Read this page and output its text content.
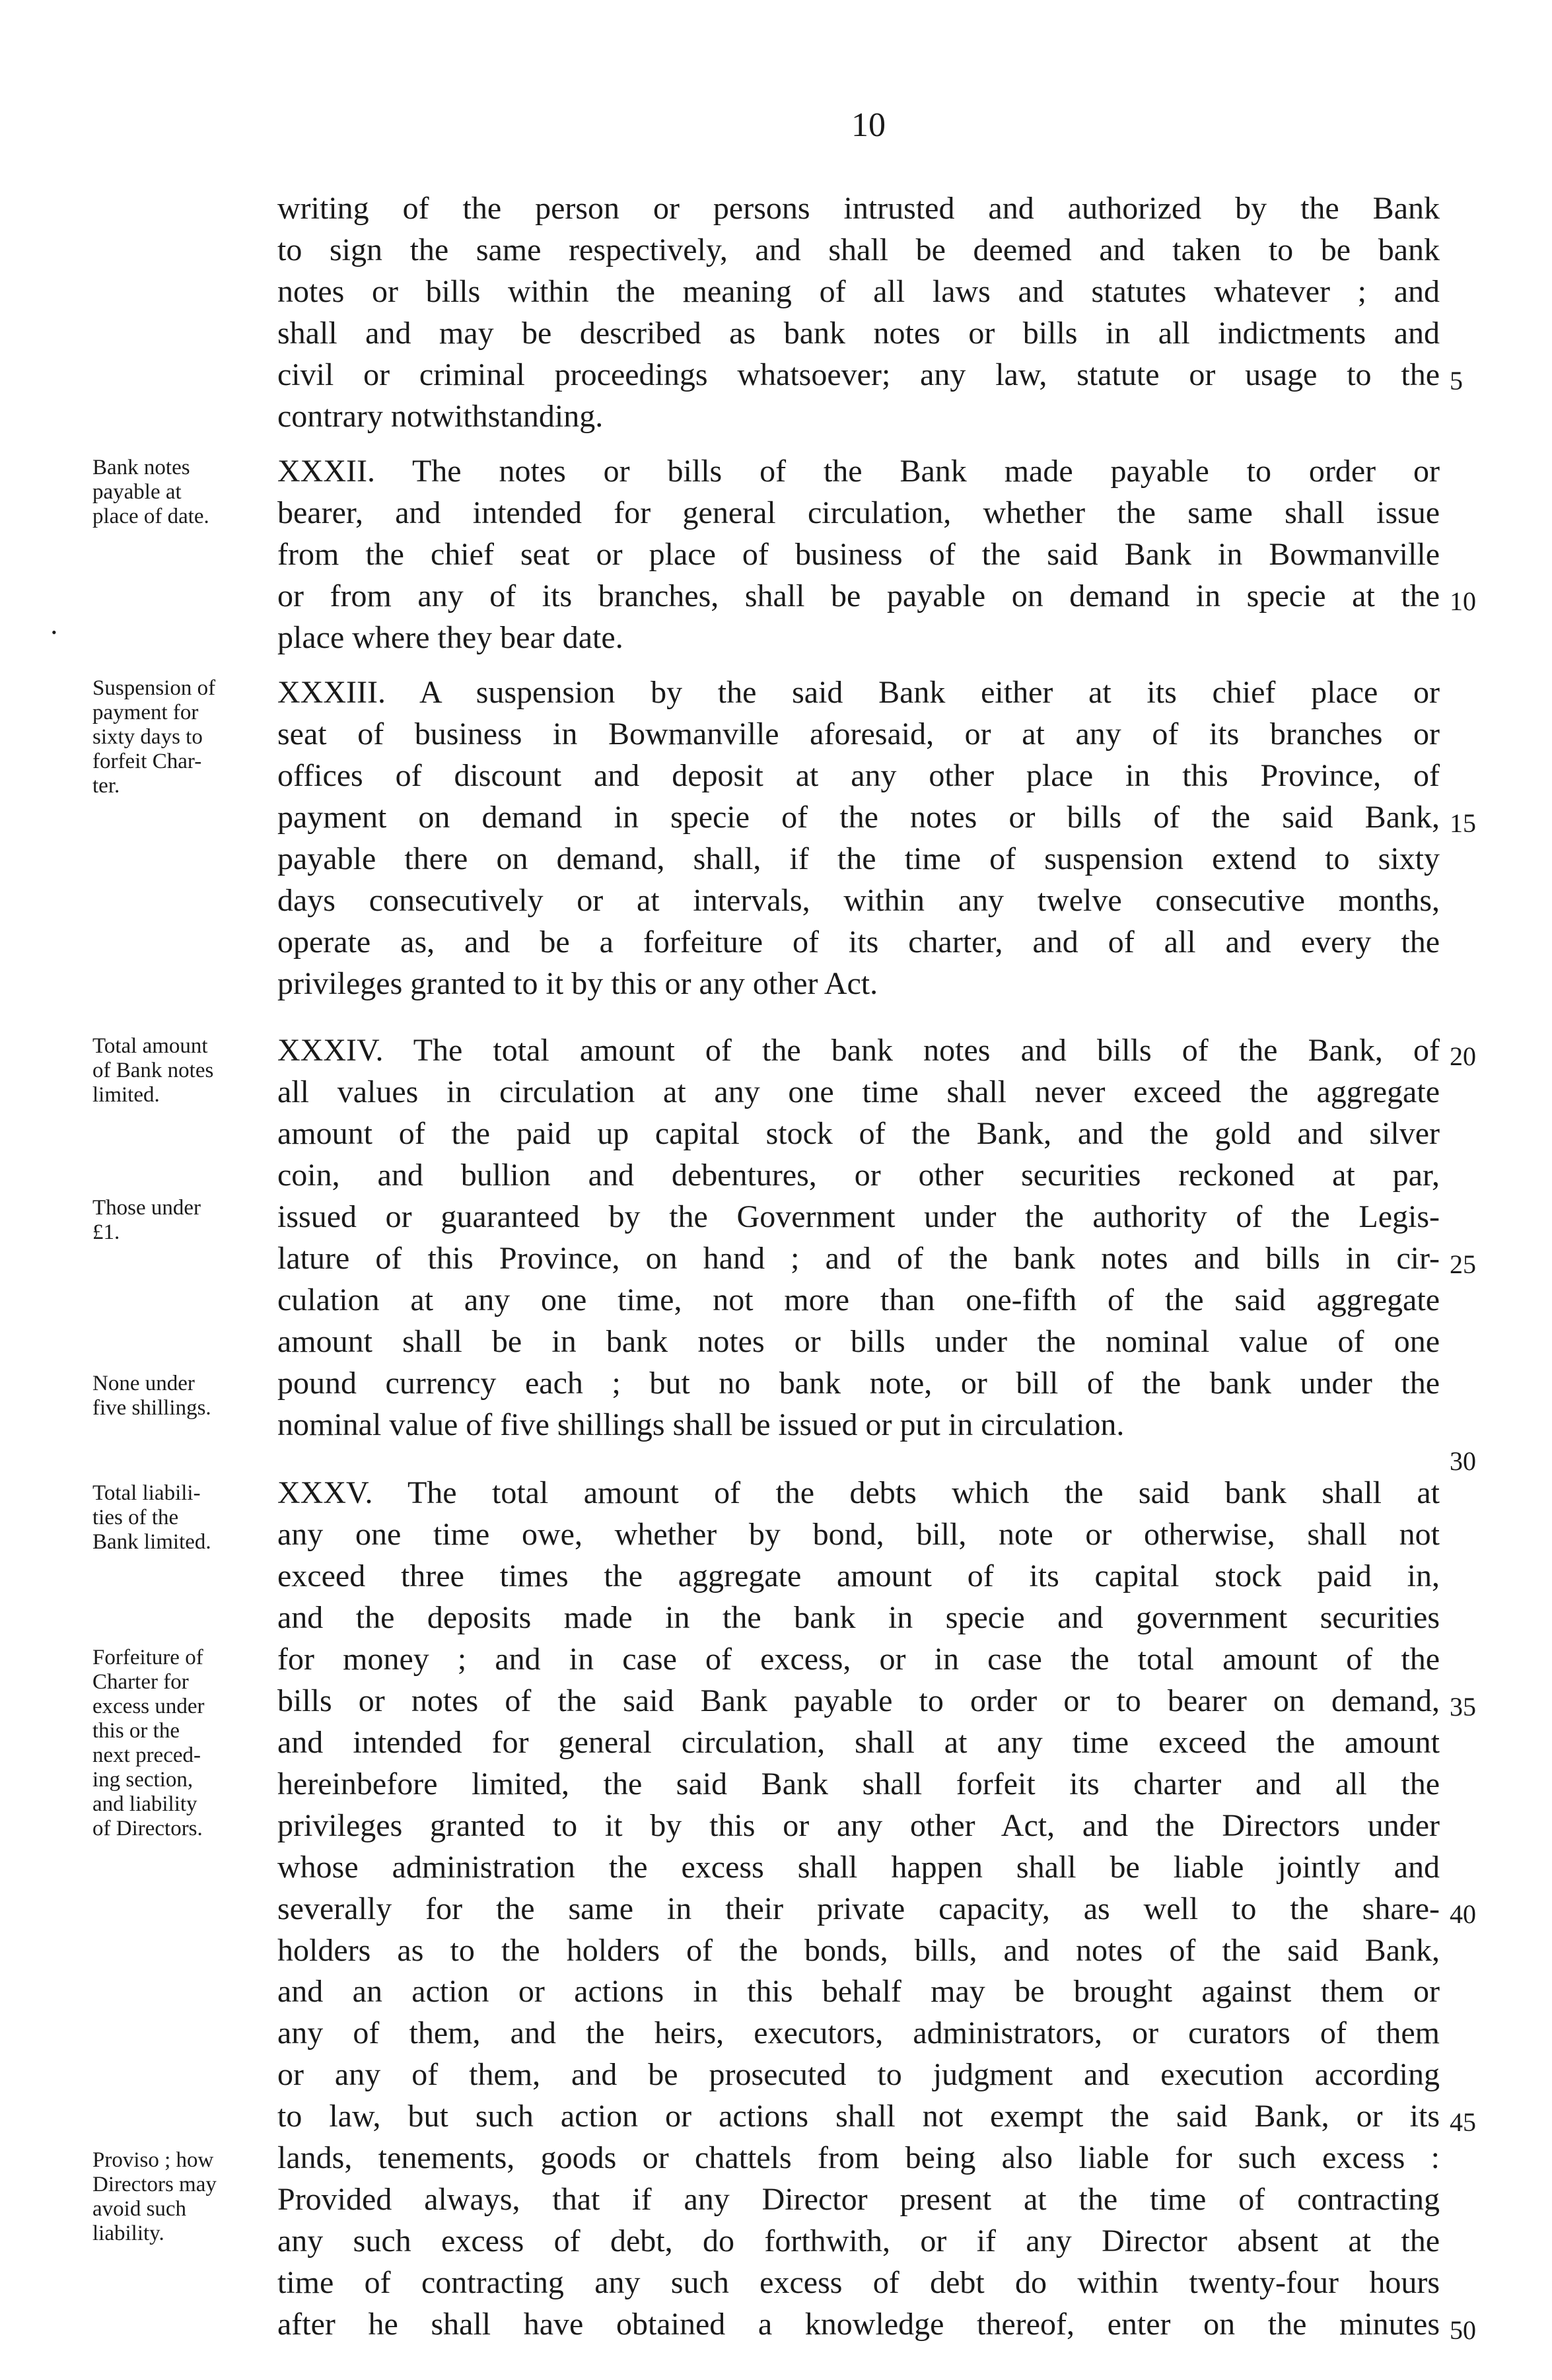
10
•
writing of the person or persons intrusted and authorized by the Bank
to sign the same respectively, and shall be deemed and taken to be bank
notes or bills within the meaning of all laws and statutes whatever ; and
shall and may be described as bank notes or bills in all indictments and
civil or criminal proceedings whatsoever; any law, statute or usage to the
contrary notwithstanding.
XXXII. The notes or bills of the Bank made payable to order or
bearer, and intended for general circulation, whether the same shall issue
from the chief seat or place of business of the said Bank in Bowmanville
or from any of its branches, shall be payable on demand in specie at the
place where they bear date.
XXXIII. A suspension by the said Bank either at its chief place or
seat of business in Bowmanville aforesaid, or at any of its branches or
offices of discount and deposit at any other place in this Province, of
payment on demand in specie of the notes or bills of the said Bank,
payable there on demand, shall, if the time of suspension extend to sixty
days consecutively or at intervals, within any twelve consecutive months,
operate as, and be a forfeiture of its charter, and of all and every the
privileges granted to it by this or any other Act.
XXXIV. The total amount of the bank notes and bills of the Bank, of
all values in circulation at any one time shall never exceed the aggregate
amount of the paid up capital stock of the Bank, and the gold and silver
coin, and bullion and debentures, or other securities reckoned at par,
issued or guaranteed by the Government under the authority of the Legis-
lature of this Province, on hand ; and of the bank notes and bills in cir-
culation at any one time, not more than one-fifth of the said aggregate
amount shall be in bank notes or bills under the nominal value of one
pound currency each ; but no bank note, or bill of the bank under the
nominal value of five shillings shall be issued or put in circulation.
XXXV. The total amount of the debts which the said bank shall at
any one time owe, whether by bond, bill, note or otherwise, shall not
exceed three times the aggregate amount of its capital stock paid in,
and the deposits made in the bank in specie and government securities
for money ; and in case of excess, or in case the total amount of the
bills or notes of the said Bank payable to order or to bearer on demand,
and intended for general circulation, shall at any time exceed the amount
hereinbefore limited, the said Bank shall forfeit its charter and all the
privileges granted to it by this or any other Act, and the Directors under
whose administration the excess shall happen shall be liable jointly and
severally for the same in their private capacity, as well to the share-
holders as to the holders of the bonds, bills, and notes of the said Bank,
and an action or actions in this behalf may be brought against them or
any of them, and the heirs, executors, administrators, or curators of them
or any of them, and be prosecuted to judgment and execution according
to law, but such action or actions shall not exempt the said Bank, or its
lands, tenements, goods or chattels from being also liable for such excess :
Provided always, that if any Director present at the time of contracting
any such excess of debt, do forthwith, or if any Director absent at the
time of contracting any such excess of debt do within twenty-four hours
after he shall have obtained a knowledge thereof, enter on the minutes
5
10
15
20
25
30
35
40
45
50
Bank notes
payable at
place of date.
Suspension of
payment for
sixty days to
forfeit Char-
ter.
Total amount
of Bank notes
limited.
Those under
£1.
None under
five shillings.
Total liabili-
ties of the
Bank limited.
Forfeiture of
Charter for
excess under
this or the
next preced-
ing section,
and liability
of Directors.
Proviso ; how
Directors may
avoid such
liability.
